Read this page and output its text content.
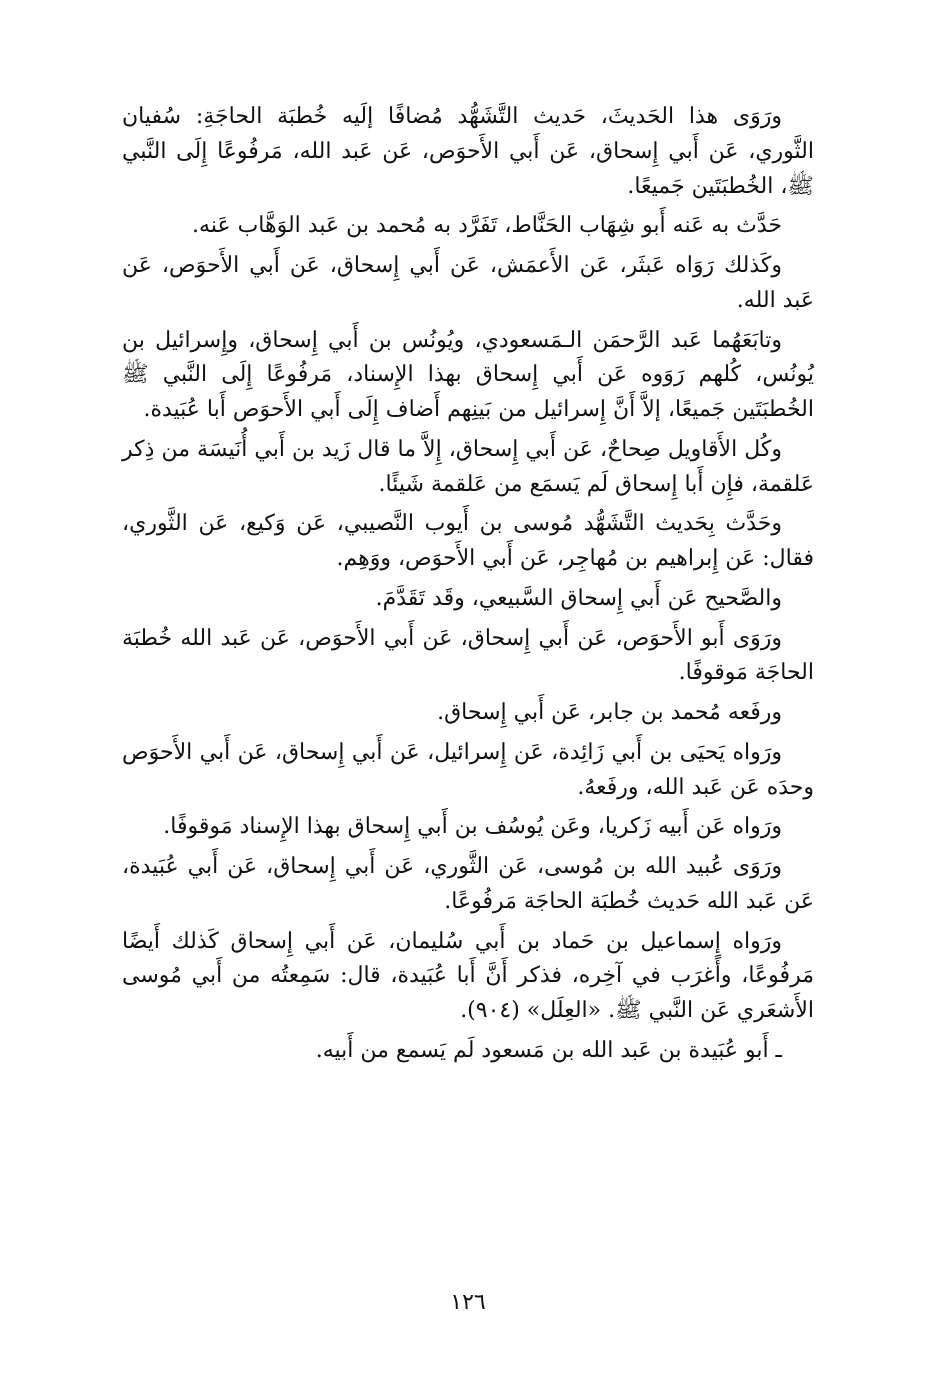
ورَوَى هذا الحَديثَ، حَديث التَّشَهُّد مُضافًا إلَيه خُطبَة الحاجَةِ: سُفيان الثَّوري، عَن أَبي إِسحاق، عَن أَبي الأَحوَص، عَن عَبد الله، مَرفُوعًا إِلَى النَّبي ﷺ، الخُطبَتَين جَميعًا.

حَدَّث به عَنه أَبو شِهَاب الحَنَّاط، تَفَرَّد به مُحمد بن عَبد الوَهَّاب عَنه.

وكَذلك رَوَاه عَبثَر، عَن الأَعمَش، عَن أَبي إِسحاق، عَن أَبي الأَحوَص، عَن عَبد الله.

وتابَعَهُما عَبد الرَّحمَن الـمَسعودي، ويُونُس بن أَبي إِسحاق، وإِسرائيل بن يُونُس، كُلهم رَوَوه عَن أَبي إِسحاق بهذا الإِسناد، مَرفُوعًا إِلَى النَّبي ﷺ الخُطبَتَين جَميعًا، إلاَّ أَنَّ إِسرائيل من بَينِهم أَضاف إِلَى أَبي الأَحوَص أَبا عُبَيدة.

وكُل الأَقاويل صِحاحٌ، عَن أَبي إِسحاق، إِلاَّ ما قال زَيد بن أَبي أُنَيسَة من ذِكر عَلقمة، فإِن أَبا إِسحاق لَم يَسمَع من عَلقمة شَيئًا.

وحَدَّث بِحَديث التَّشَهُّد مُوسى بن أَيوب النَّصيبي، عَن وَكيع، عَن الثَّوري، فقال: عَن إِبراهيم بن مُهاجِر، عَن أَبي الأَحوَص، ووَهِم.

والصَّحيح عَن أَبي إِسحاق السَّبيعي، وقَد تَقَدَّمَ.

ورَوَى أَبو الأَحوَص، عَن أَبي إِسحاق، عَن أَبي الأَحوَص، عَن عَبد الله خُطبَة الحاجَة مَوقوفًا.

ورفَعه مُحمد بن جابر، عَن أَبي إِسحاق.

ورَواه يَحيَى بن أَبي زَائِدة، عَن إِسرائيل، عَن أَبي إِسحاق، عَن أَبي الأَحوَص وحدَه عَن عَبد الله، ورفَعهُ.

ورَواه عَن أَبيه زَكريا، وعَن يُوسُف بن أَبي إِسحاق بهذا الإِسناد مَوقوفًا.

ورَوَى عُبيد الله بن مُوسى، عَن الثَّوري، عَن أَبي إِسحاق، عَن أَبي عُبَيدة، عَن عَبد الله حَديث خُطبَة الحاجَة مَرفُوعًا.

ورَواه إِسماعيل بن حَماد بن أَبي سُليمان، عَن أَبي إِسحاق كَذلك أَيضًا مَرفُوعًا، وأَغرَب في آخِره، فذكر أَنَّ أَبا عُبَيدة، قال: سَمِعتُه من أَبي مُوسى الأَشعَري عَن النَّبي ﷺ. «العِلَل» (٩٠٤).

ـ أَبو عُبَيدة بن عَبد الله بن مَسعود لَم يَسمع من أَبيه.

١٢٦
